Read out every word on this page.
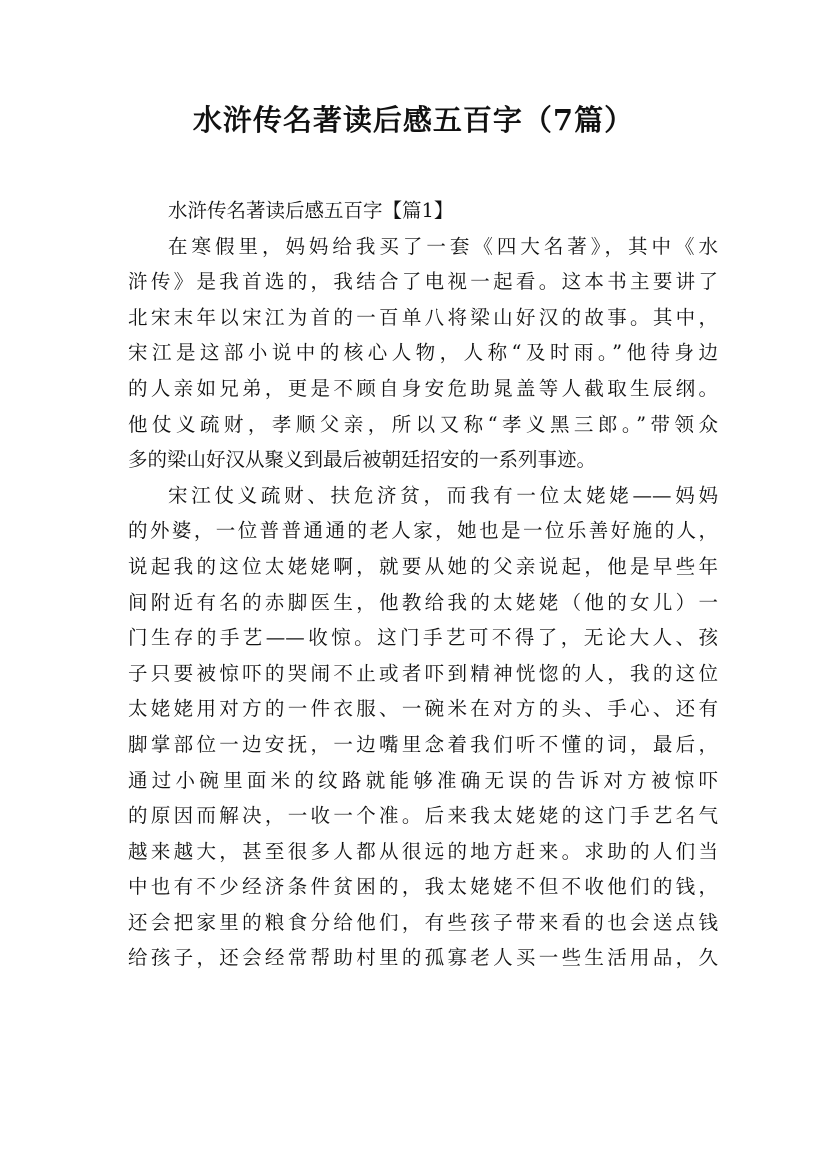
水浒传名著读后感五百字（7篇）
水浒传名著读后感五百字【篇1】
在寒假里，妈妈给我买了一套《四大名著》，其中《水
浒传》是我首选的，我结合了电视一起看。这本书主要讲了
北宋末年以宋江为首的一百单八将梁山好汉的故事。其中，
宋江是这部小说中的核心人物，人称“及时雨。”他待身边
的人亲如兄弟，更是不顾自身安危助晁盖等人截取生辰纲。
他仗义疏财，孝顺父亲，所以又称“孝义黑三郎。”带领众
多的梁山好汉从聚义到最后被朝廷招安的一系列事迹。
宋江仗义疏财、扶危济贫，而我有一位太姥姥——妈妈
的外婆，一位普普通通的老人家，她也是一位乐善好施的人，
说起我的这位太姥姥啊，就要从她的父亲说起，他是早些年
间附近有名的赤脚医生，他教给我的太姥姥（他的女儿）一
门生存的手艺——收惊。这门手艺可不得了，无论大人、孩
子只要被惊吓的哭闹不止或者吓到精神恍惚的人，我的这位
太姥姥用对方的一件衣服、一碗米在对方的头、手心、还有
脚掌部位一边安抚，一边嘴里念着我们听不懂的词，最后，
通过小碗里面米的纹路就能够准确无误的告诉对方被惊吓
的原因而解决，一收一个准。后来我太姥姥的这门手艺名气
越来越大，甚至很多人都从很远的地方赶来。求助的人们当
中也有不少经济条件贫困的，我太姥姥不但不收他们的钱，
还会把家里的粮食分给他们，有些孩子带来看的也会送点钱
给孩子，还会经常帮助村里的孤寡老人买一些生活用品，久
